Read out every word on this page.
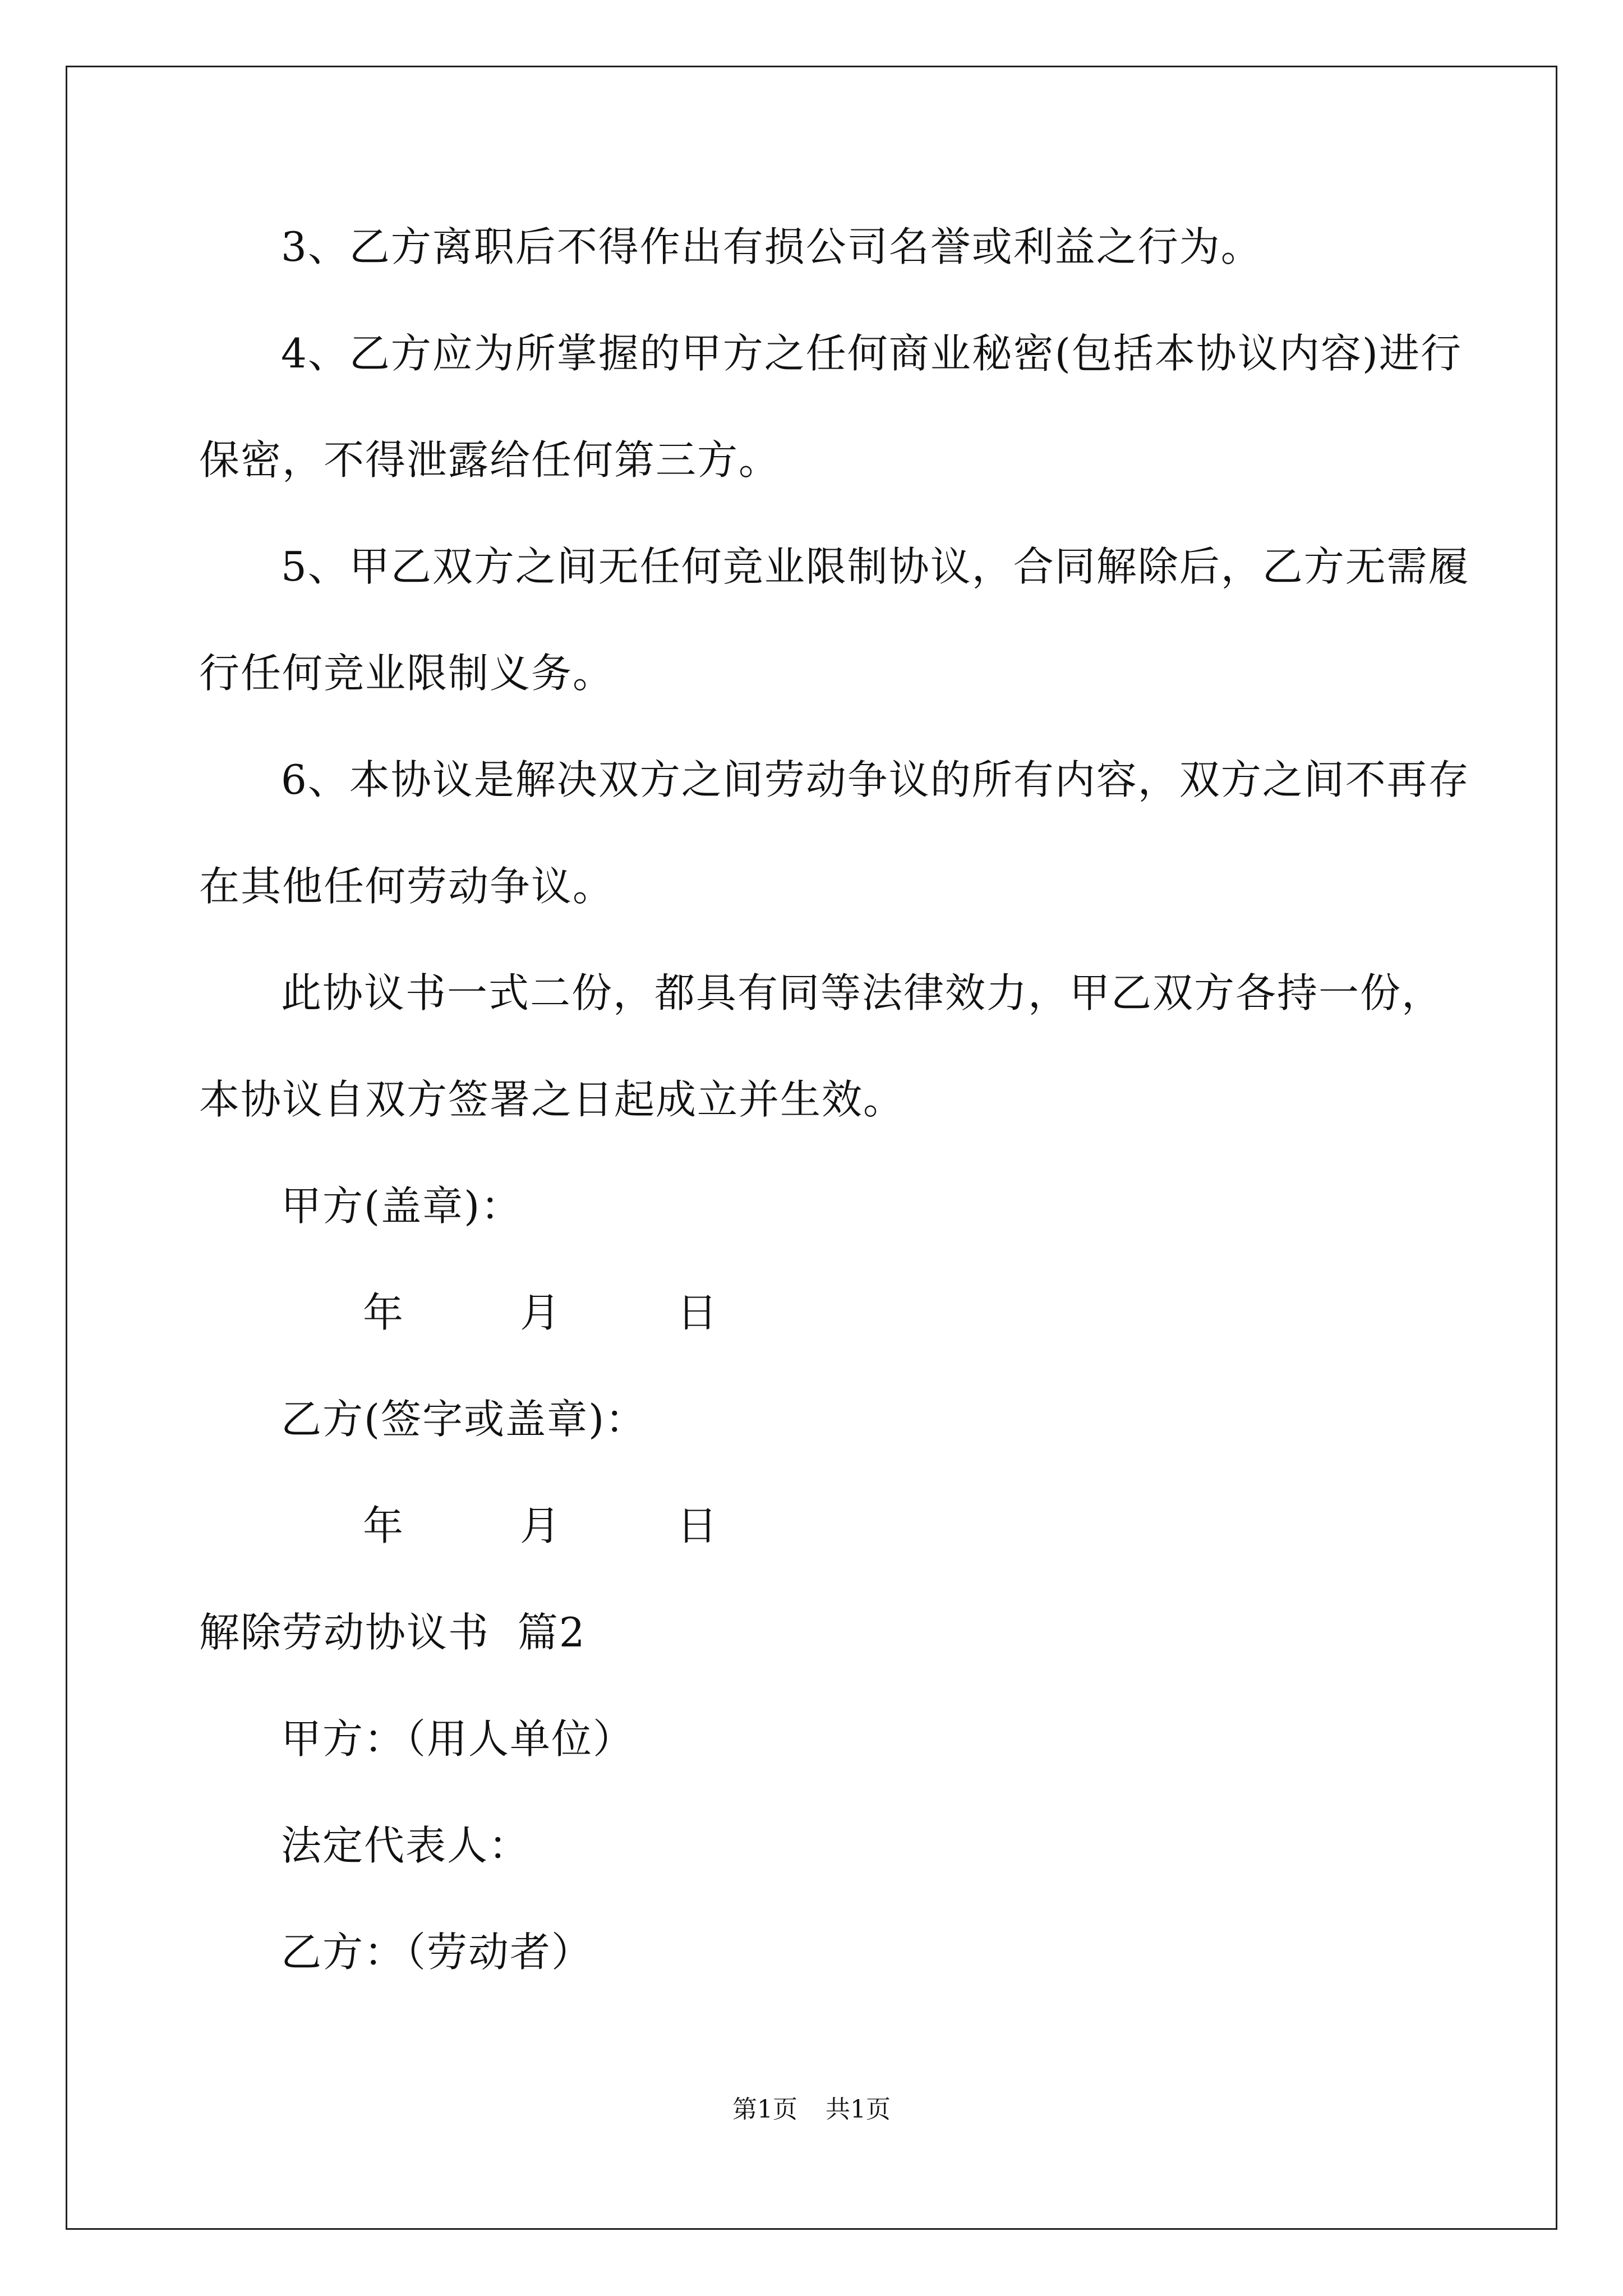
3、乙方离职后不得作出有损公司名誉或利益之行为。

4、乙方应为所掌握的甲方之任何商业秘密(包括本协议内容)进行
保密，不得泄露给任何第三方。

5、甲乙双方之间无任何竞业限制协议，合同解除后，乙方无需履
行任何竞业限制义务。

6、本协议是解决双方之间劳动争议的所有内容，双方之间不再存
在其他任何劳动争议。

此协议书一式二份，都具有同等法律效力，甲乙双方各持一份，
本协议自双方签署之日起成立并生效。

甲方(盖章)：

年	月	日

乙方(签字或盖章)：

年	月	日

解除劳动协议书  篇2

甲方：（用人单位）

法定代表人：

乙方：（劳动者）

第1页 共1页
